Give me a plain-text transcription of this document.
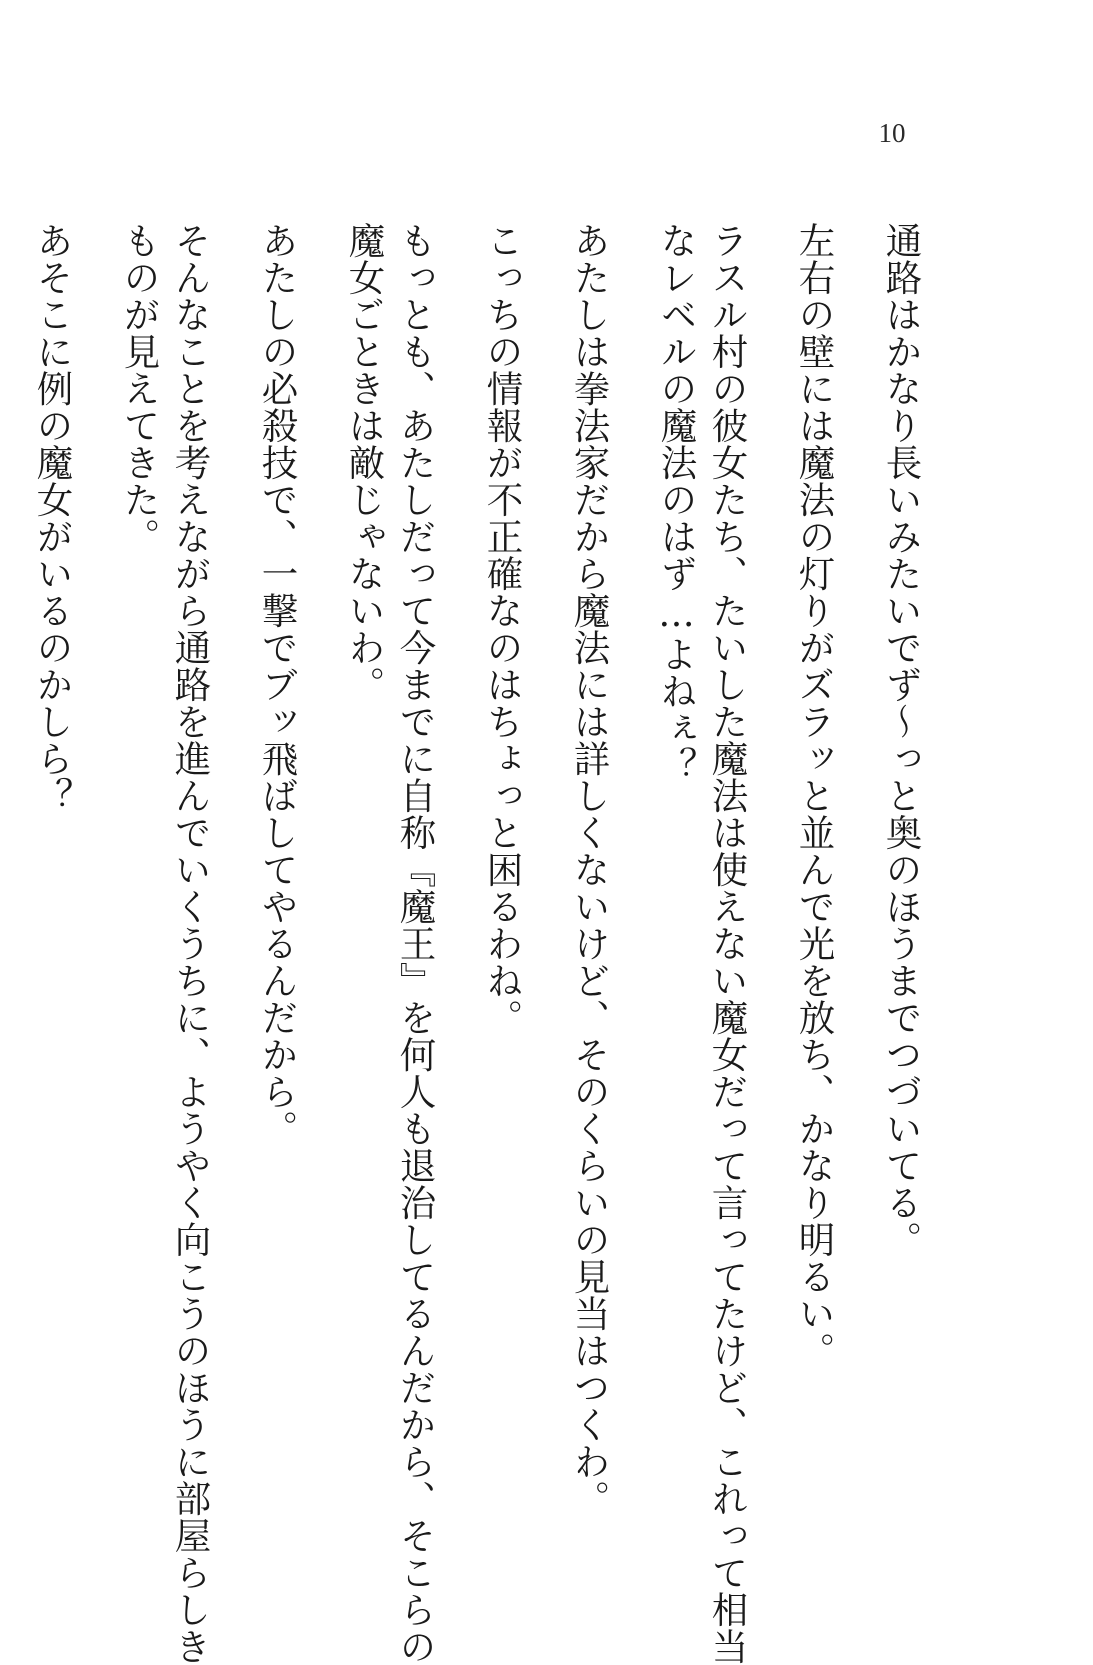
10

通路はかなり長いみたいでず〜っと奥のほうまでつづいてる。

左右の壁には魔法の灯りがズラッと並んで光を放ち、かなり明るい。

ラスル村の彼女たち、たいした魔法は使えない魔女だって言ってたけど、これって相当

なレベルの魔法のはず…よねぇ？

あたしは拳法家だから魔法には詳しくないけど、そのくらいの見当はつくわ。

こっちの情報が不正確なのはちょっと困るわね。

もっとも、あたしだって今までに自称『魔王』を何人も退治してるんだから、そこらの

魔女ごときは敵じゃないわ。

あたしの必殺技で、一撃でブッ飛ばしてやるんだから。

そんなことを考えながら通路を進んでいくうちに、ようやく向こうのほうに部屋らしき

ものが見えてきた。

あそこに例の魔女がいるのかしら？
